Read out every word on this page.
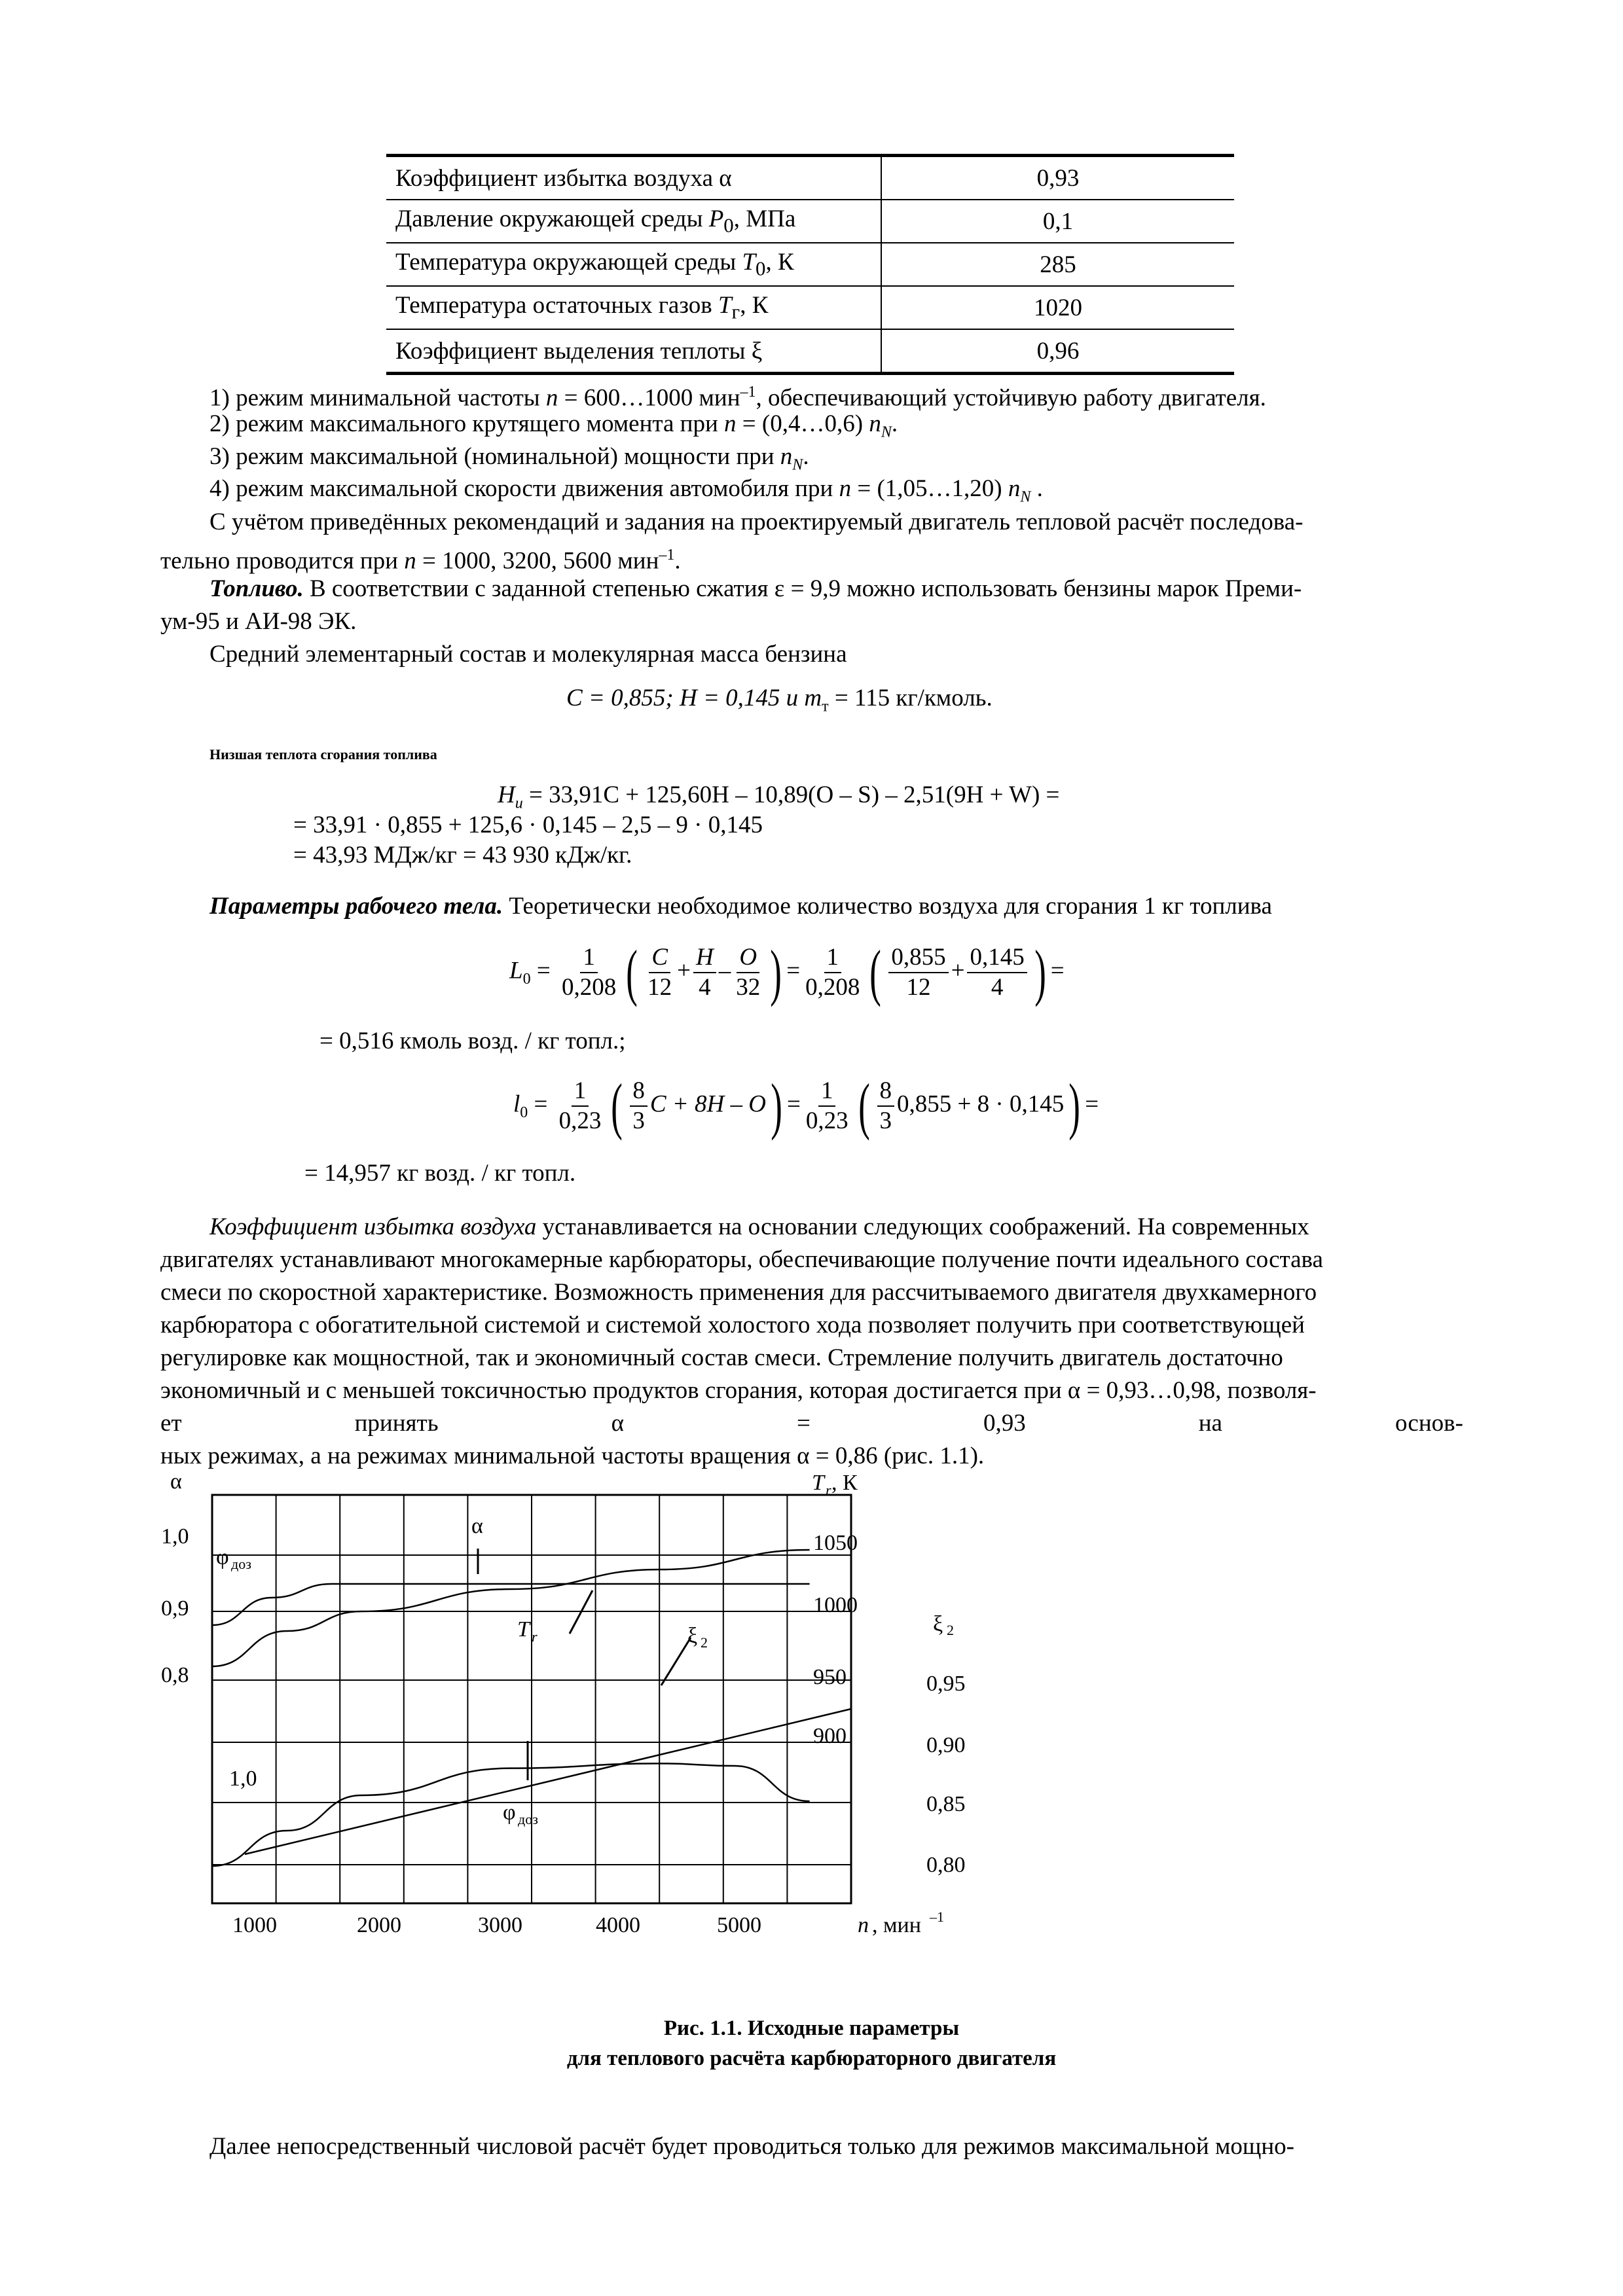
Коэффициент избытка воздуха α	0,93
Давление окружающей среды $P_0$, МПа	0,1
Температура окружающей среды $T_0$, К	285
Температура остаточных газов $T_г$, К	1020
Коэффициент выделения теплоты ξ	0,96
1) режим минимальной частоты n = 600…1000 мин$^{-1}$, обеспечивающий устойчивую работу двигателя.
2) режим максимального крутящего момента при n = (0,4…0,6) $n_N$.
3) режим максимальной (номинальной) мощности при $n_N$.
4) режим максимальной скорости движения автомобиля при n = (1,05…1,20) $n_N$ .
С учётом приведённых рекомендаций и задания на проектируемый двигатель тепловой расчёт последова-
тельно проводится при n = 1000, 3200, 5600 мин$^{-1}$.
Топливо. В соответствии с заданной степенью сжатия ε = 9,9 можно использовать бензины марок Преми-
ум-95 и АИ-98 ЭК.
Средний элементарный состав и молекулярная масса бензина
C = 0,855; H = 0,145 и $m_т = 115$ кг/кмоль.
Низшая теплота сгорания топлива
$H_u = 33,91C + 125,60H - 10,89(O - S) - 2,51(9H + W)$ =
= 33,91 · 0,855 + 125,6 · 0,145 – 2,5 – 9 · 0,145
= 43,93 МДж/кг = 43 930 кДж/кг.
Параметры рабочего тела. Теоретически необходимое количество воздуха для сгорания 1 кг топлива
$L_0 = \frac{1}{0,208}$ ( $\frac{C}{12} + \frac{H}{4} - \frac{O}{32}$ ) = $\frac{1}{0,208}$ ( $\frac{0,855}{12} + \frac{0,145}{4}$ ) =
= 0,516 кмоль возд. / кг топл.;
$l_0 = \frac{1}{0,23}$ ( $\frac{8}{3}$ $C + 8H - O) = \frac{1}{0,23}$ ( $\frac{8}{3} 0,855 + 8 \cdot 0,145$) =
= 14,957 кг возд. / кг топл.
Коэффициент избытка воздуха устанавливается на основании следующих соображений. На современных
двигателях устанавливают многокамерные карбюраторы, обеспечивающие получение почти идеального состава
смеси по скоростной характеристике. Возможность применения для рассчитываемого двигателя двухкамерного
карбюратора с обогатительной системой и системой холостого хода позволяет получить при соответствующей
регулировке как мощностной, так и экономичный состав смеси. Стремление получить двигатель достаточно
экономичный и с меньшей токсичностью продуктов сгорания, которая достигается при α = 0,93…0,98, позволя-
ет	принять	α	=	0,93	на	основ-
ных режимах, а на режимах минимальной частоты вращения α = 0,86 (рис. 1.1).
α
1,0
0,9
0,8
φ доз
1,0
T r , К
1050
1000
950
900
ξ 2
0,95
0,90
0,85
0,80
α
T r	ξ 2
φ доз
1000	2000	3000	4000	5000	n , мин –1
Рис. 1.1. Исходные параметры
для теплового расчёта карбюраторного двигателя
Далее непосредственный числовой расчёт будет проводиться только для режимов максимальной мощно-
